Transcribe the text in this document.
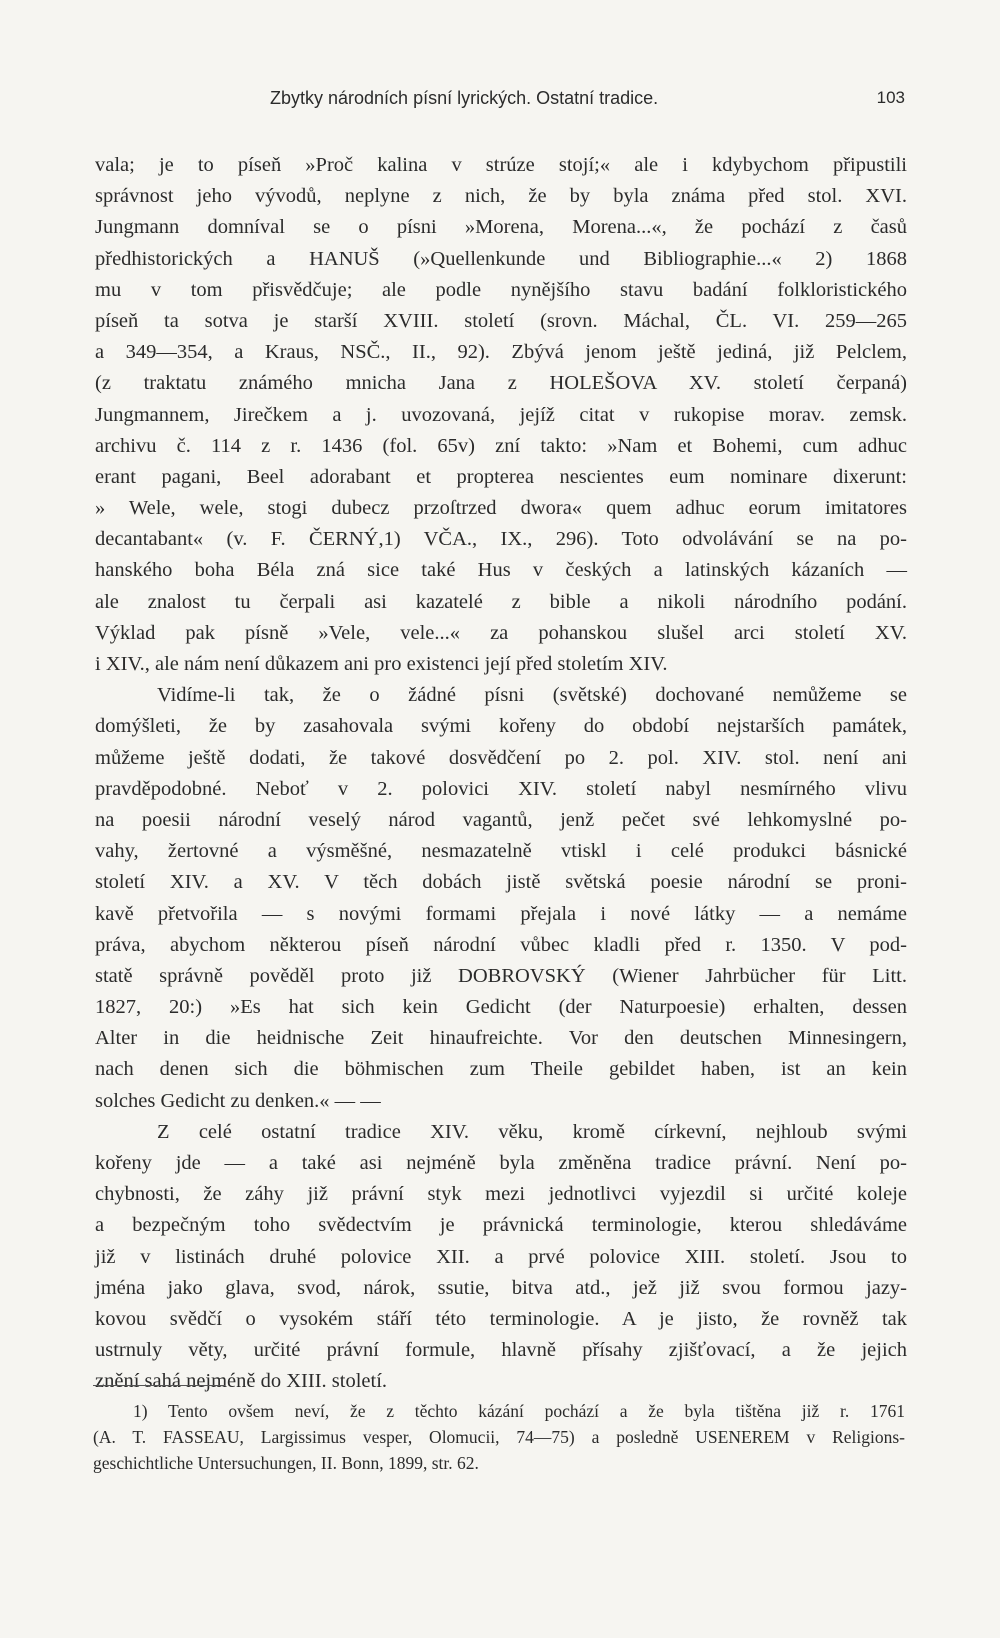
Zbytky národních písní lyrických. Ostatní tradice.	103
vala; je to píseň »Proč kalina v strúze stojí;« ale i kdybychom připustili
správnost jeho vývodů, neplyne z nich, že by byla známa před stol. XVI.
Jungmann domníval se o písni »Morena, Morena...«, že pochází z časů
předhistorických a HANUŠ (»Quellenkunde und Bibliographie...« 2) 1868
mu v tom přisvědčuje; ale podle nynějšího stavu badání folkloristického
píseň ta sotva je starší XVIII. století (srovn. Máchal, ČL. VI. 259—265
a 349—354, a Kraus, NSČ., II., 92). Zbývá jenom ještě jediná, již Pelclem,
(z traktatu známého mnicha Jana z HOLEŠOVA XV. století čerpaná)
Jungmannem, Jirečkem a j. uvozovaná, jejíž citat v rukopise morav. zemsk.
archivu č. 114 z r. 1436 (fol. 65v) zní takto: »Nam et Bohemi, cum adhuc
erant pagani, Beel adorabant et propterea nescientes eum nominare dixerunt:
» Wele, wele, stogi dubecz przoſtrzed dwora« quem adhuc eorum imitatores
decantabant« (v. F. ČERNÝ,1) VČA., IX., 296). Toto odvolávání se na po-
hanského boha Béla zná sice také Hus v českých a latinských kázaních —
ale znalost tu čerpali asi kazatelé z bible a nikoli národního podání.
Výklad pak písně »Vele, vele...« za pohanskou slušel arci století XV.
i XIV., ale nám není důkazem ani pro existenci její před stoletím XIV.
Vidíme-li tak, že o žádné písni (světské) dochované nemůžeme se
domýšleti, že by zasahovala svými kořeny do období nejstarších památek,
můžeme ještě dodati, že takové dosvědčení po 2. pol. XIV. stol. není ani
pravděpodobné. Neboť v 2. polovici XIV. století nabyl nesmírného vlivu
na poesii národní veselý národ vagantů, jenž pečet své lehkomyslné po-
vahy, žertovné a výsměšné, nesmazatelně vtiskl i celé produkci básnické
století XIV. a XV. V těch dobách jistě světská poesie národní se proni-
kavě přetvořila — s novými formami přejala i nové látky — a nemáme
práva, abychom některou píseň národní vůbec kladli před r. 1350. V pod-
statě správně pověděl proto již DOBROVSKÝ (Wiener Jahrbücher für Litt.
1827, 20:) »Es hat sich kein Gedicht (der Naturpoesie) erhalten, dessen
Alter in die heidnische Zeit hinaufreichte. Vor den deutschen Minnesingern,
nach denen sich die böhmischen zum Theile gebildet haben, ist an kein
solches Gedicht zu denken.« — —
Z celé ostatní tradice XIV. věku, kromě církevní, nejhloub svými
kořeny jde — a také asi nejméně byla změněna tradice právní. Není po-
chybnosti, že záhy již právní styk mezi jednotlivci vyjezdil si určité koleje
a bezpečným toho svědectvím je právnická terminologie, kterou shledáváme
již v listinách druhé polovice XII. a prvé polovice XIII. století. Jsou to
jména jako glava, svod, nárok, ssutie, bitva atd., jež již svou formou jazy-
kovou svědčí o vysokém stáří této terminologie. A je jisto, že rovněž tak
ustrnuly věty, určité právní formule, hlavně přísahy zjišťovací, a že jejich
znění sahá nejméně do XIII. století.
1) Tento ovšem neví, že z těchto kázání pochází a že byla tištěna již r. 1761
(A. T. FASSEAU, Largissimus vesper, Olomucii, 74—75) a posledně USENEREM v Religions-
geschichtliche Untersuchungen, II. Bonn, 1899, str. 62.
